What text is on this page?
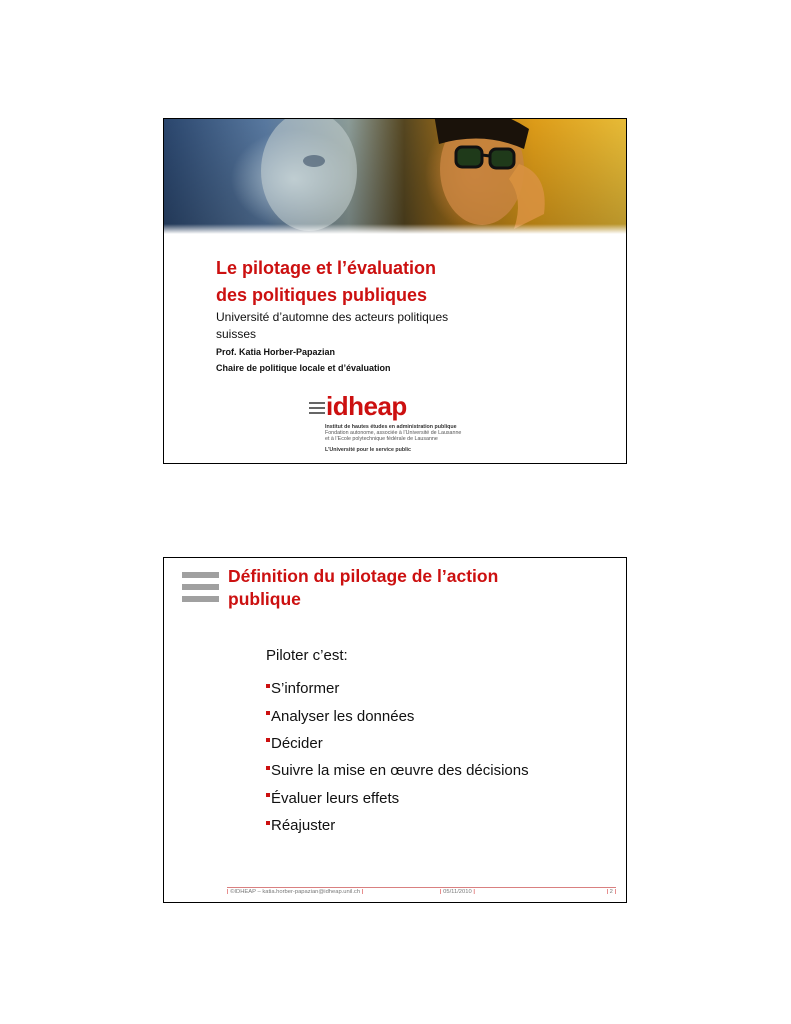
Le pilotage et l’évaluation
des politiques publiques
Université d’automne des acteurs politiques
suisses
Prof. Katia Horber-Papazian
Chaire de politique locale et d’évaluation
idheap
Institut de hautes études en administration publique
Fondation autonome, associée à l’Université de Lausanne
et à l’Ecole polytechnique fédérale de Lausanne
L’Université pour le service public
Définition du pilotage de l’action
publique
Piloter c’est:
S’informer
Analyser les données
Décider
Suivre la mise en œuvre des décisions
Évaluer leurs effets
Réajuster
| ©IDHEAP – katia.horber-papazian@idheap.unil.ch |	| 05/11/2010 |	| 2 |
